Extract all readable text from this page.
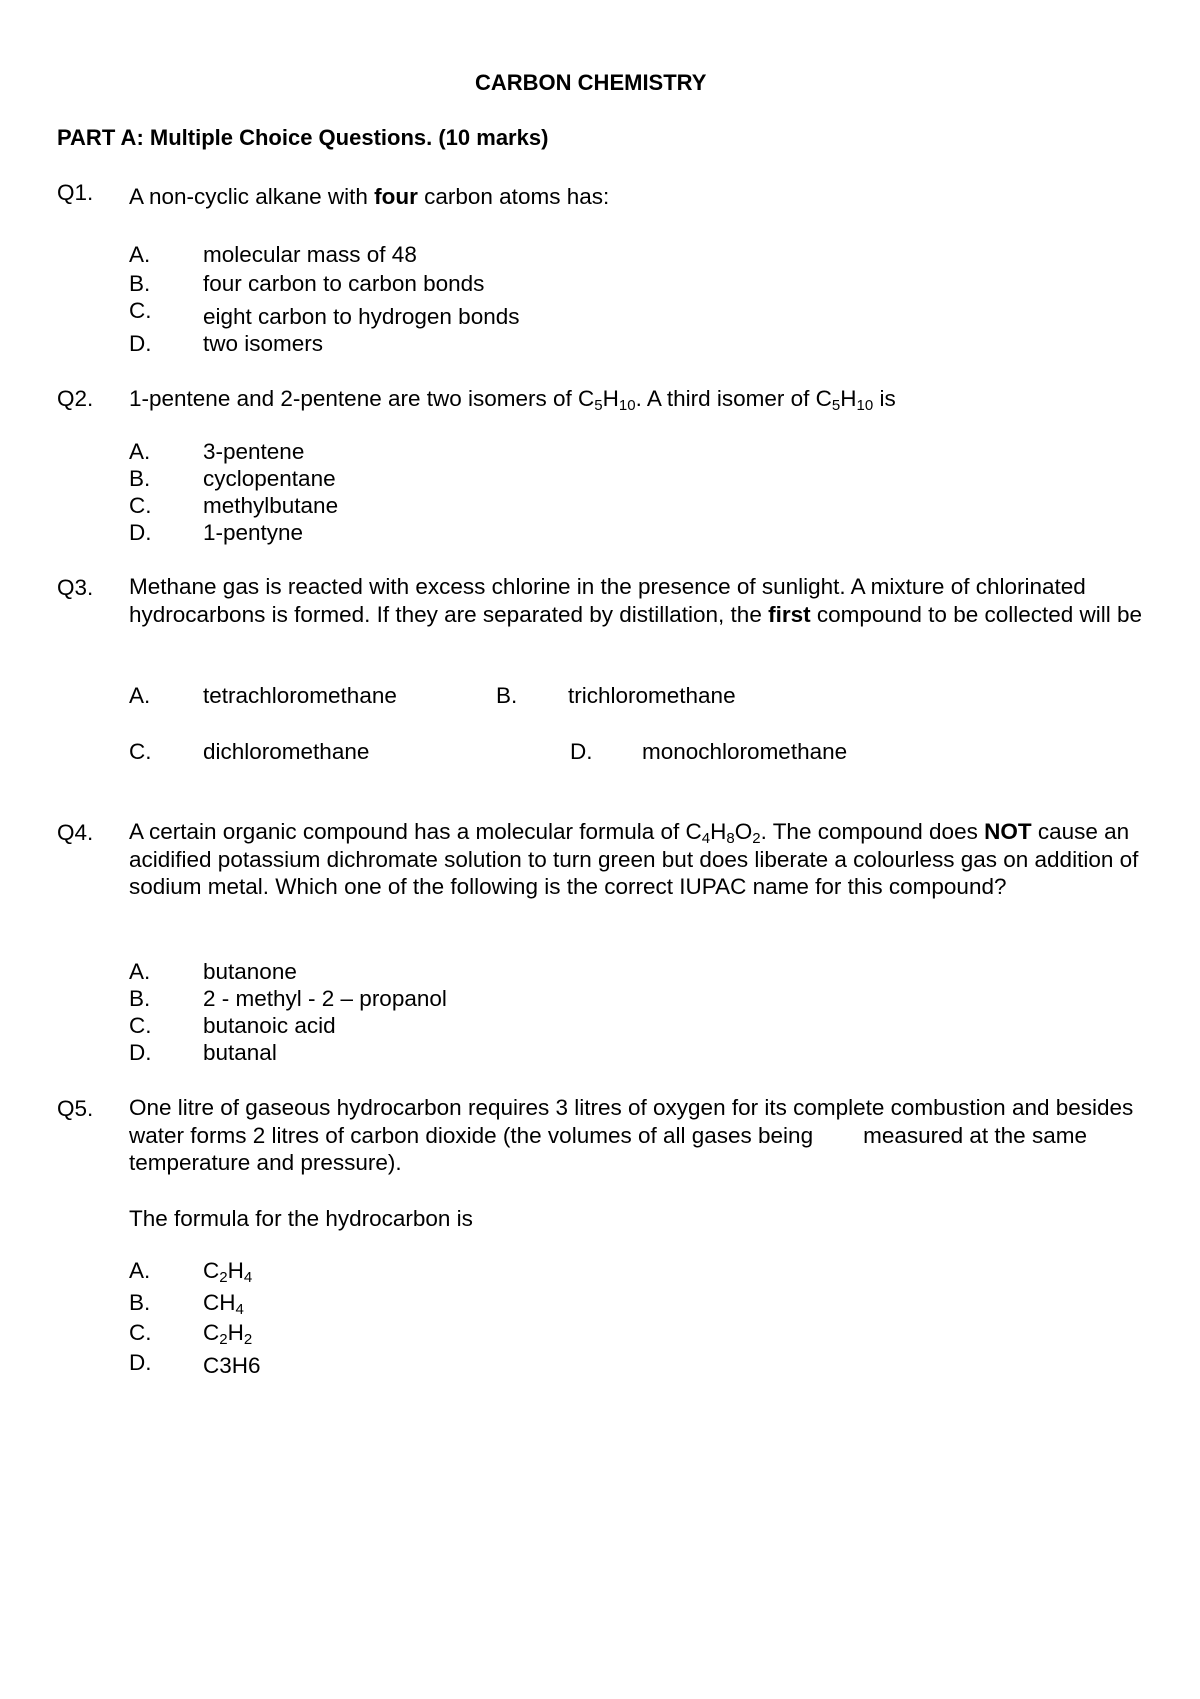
CARBON CHEMISTRY
PART A: Multiple Choice Questions. (10 marks)
Q1. A non-cyclic alkane with four carbon atoms has:
A. molecular mass of 48
B. four carbon to carbon bonds
C. eight carbon to hydrogen bonds
D. two isomers
Q2. 1-pentene and 2-pentene are two isomers of $C_5H_{10}$. A third isomer of $C_5H_{10}$ is
A. 3-pentene
B. cyclopentane
C. methylbutane
D. 1-pentyne
Q3. Methane gas is reacted with excess chlorine in the presence of sunlight. A mixture of chlorinated hydrocarbons is formed. If they are separated by distillation, the first compound to be collected will be
A. tetrachloromethane	B. trichloromethane
C. dichloromethane	D. monochloromethane
Q4. A certain organic compound has a molecular formula of $C_4H_8O_2$. The compound does NOT cause an acidified potassium dichromate solution to turn green but does liberate a colourless gas on addition of sodium metal. Which one of the following is the correct IUPAC name for this compound?
A. butanone
B. 2 - methyl - 2 – propanol
C. butanoic acid
D. butanal
Q5. One litre of gaseous hydrocarbon requires 3 litres of oxygen for its complete combustion and besides water forms 2 litres of carbon dioxide (the volumes of all gases being        measured at the same temperature and pressure).
The formula for the hydrocarbon is
A. $C_2H_4$
B. $CH_4$
C. $C_2H_2$
D. C3H6
